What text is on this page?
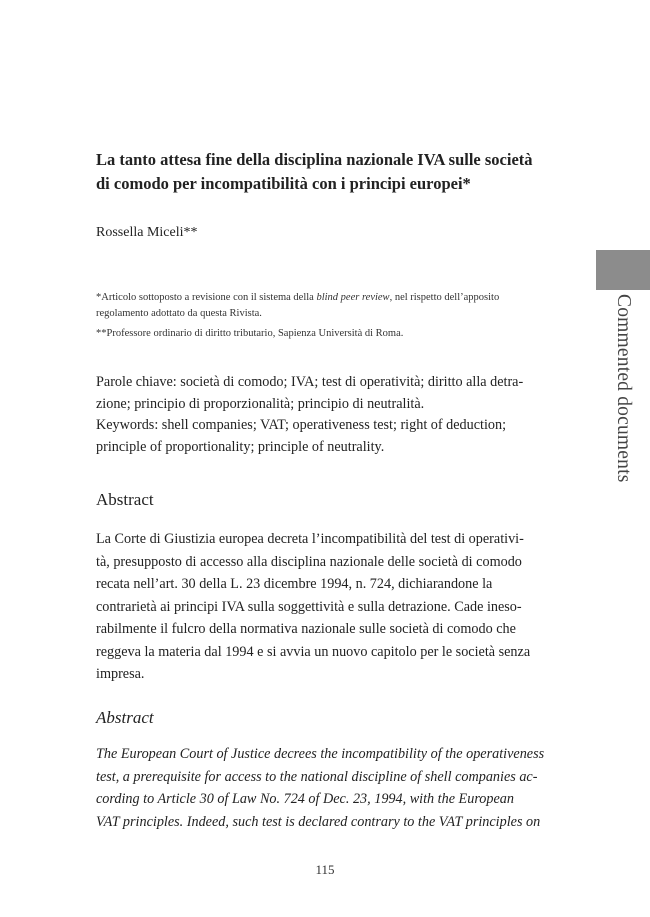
Commented documents
La tanto attesa fine della disciplina nazionale IVA sulle società
di comodo per incompatibilità con i principi europei*
Rossella Miceli**
*Articolo sottoposto a revisione con il sistema della blind peer review, nel rispetto dell’apposito
regolamento adottato da questa Rivista.
**Professore ordinario di diritto tributario, Sapienza Università di Roma.
Parole chiave: società di comodo; IVA; test di operatività; diritto alla detra-
zione; principio di proporzionalità; principio di neutralità.
Keywords: shell companies; VAT; operativeness test; right of deduction;
principle of proportionality; principle of neutrality.
Abstract
La Corte di Giustizia europea decreta l’incompatibilità del test di operativi-
tà, presupposto di accesso alla disciplina nazionale delle società di comodo
recata nell’art. 30 della L. 23 dicembre 1994, n. 724, dichiarandone la
contrarietà ai principi IVA sulla soggettività e sulla detrazione. Cade ineso-
rabilmente il fulcro della normativa nazionale sulle società di comodo che
reggeva la materia dal 1994 e si avvia un nuovo capitolo per le società senza
impresa.
Abstract
The European Court of Justice decrees the incompatibility of the operativeness
test, a prerequisite for access to the national discipline of shell companies ac-
cording to Article 30 of Law No. 724 of Dec. 23, 1994, with the European
VAT principles. Indeed, such test is declared contrary to the VAT principles on
115
